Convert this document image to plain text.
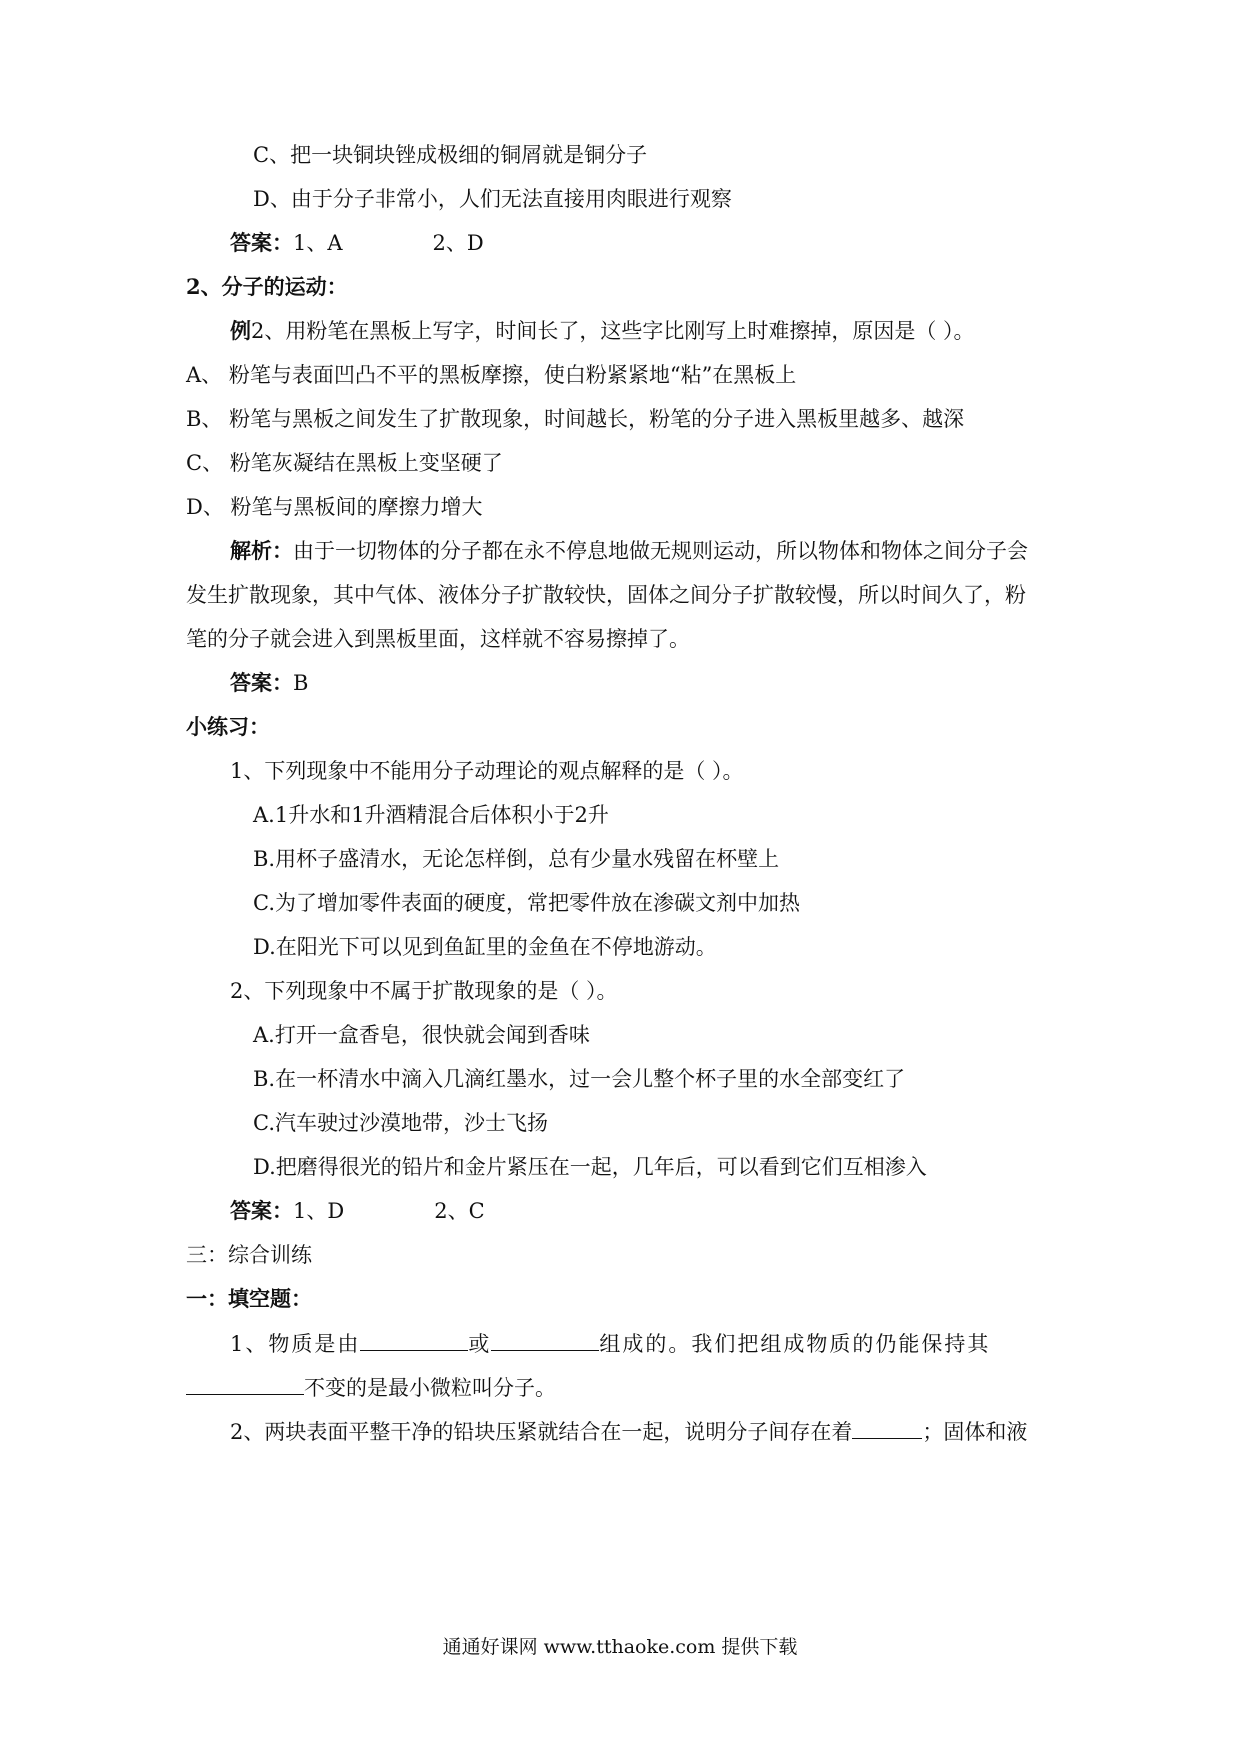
C、把一块铜块锉成极细的铜屑就是铜分子
D、由于分子非常小，人们无法直接用肉眼进行观察
答案：1、A	2、D
2、分子的运动：
例2、用粉笔在黑板上写字，时间长了，这些字比刚写上时难擦掉，原因是（ ）。
A、 粉笔与表面凹凸不平的黑板摩擦，使白粉紧紧地“粘”在黑板上
B、 粉笔与黑板之间发生了扩散现象，时间越长，粉笔的分子进入黑板里越多、越深
C、 粉笔灰凝结在黑板上变坚硬了
D、 粉笔与黑板间的摩擦力增大
解析：由于一切物体的分子都在永不停息地做无规则运动，所以物体和物体之间分子会
发生扩散现象，其中气体、液体分子扩散较快，固体之间分子扩散较慢，所以时间久了，粉
笔的分子就会进入到黑板里面，这样就不容易擦掉了。
答案：B
小练习：
1、下列现象中不能用分子动理论的观点解释的是（ ）。
A.1升水和1升酒精混合后体积小于2升
B.用杯子盛清水，无论怎样倒，总有少量水残留在杯壁上
C.为了增加零件表面的硬度，常把零件放在渗碳文剂中加热
D.在阳光下可以见到鱼缸里的金鱼在不停地游动。
2、下列现象中不属于扩散现象的是（ ）。
A.打开一盒香皂，很快就会闻到香味
B.在一杯清水中滴入几滴红墨水，过一会儿整个杯子里的水全部变红了
C.汽车驶过沙漠地带，沙士飞扬
D.把磨得很光的铅片和金片紧压在一起，几年后，可以看到它们互相渗入
答案：1、D	2、C
三：综合训练
一：填空题：
1、物质是由	或	组成的。我们把组成物质的仍能保持其
不变的是最小微粒叫分子。
2、两块表面平整干净的铅块压紧就结合在一起，说明分子间存在着	；固体和液
通通好课网 www.tthaoke.com 提供下载
